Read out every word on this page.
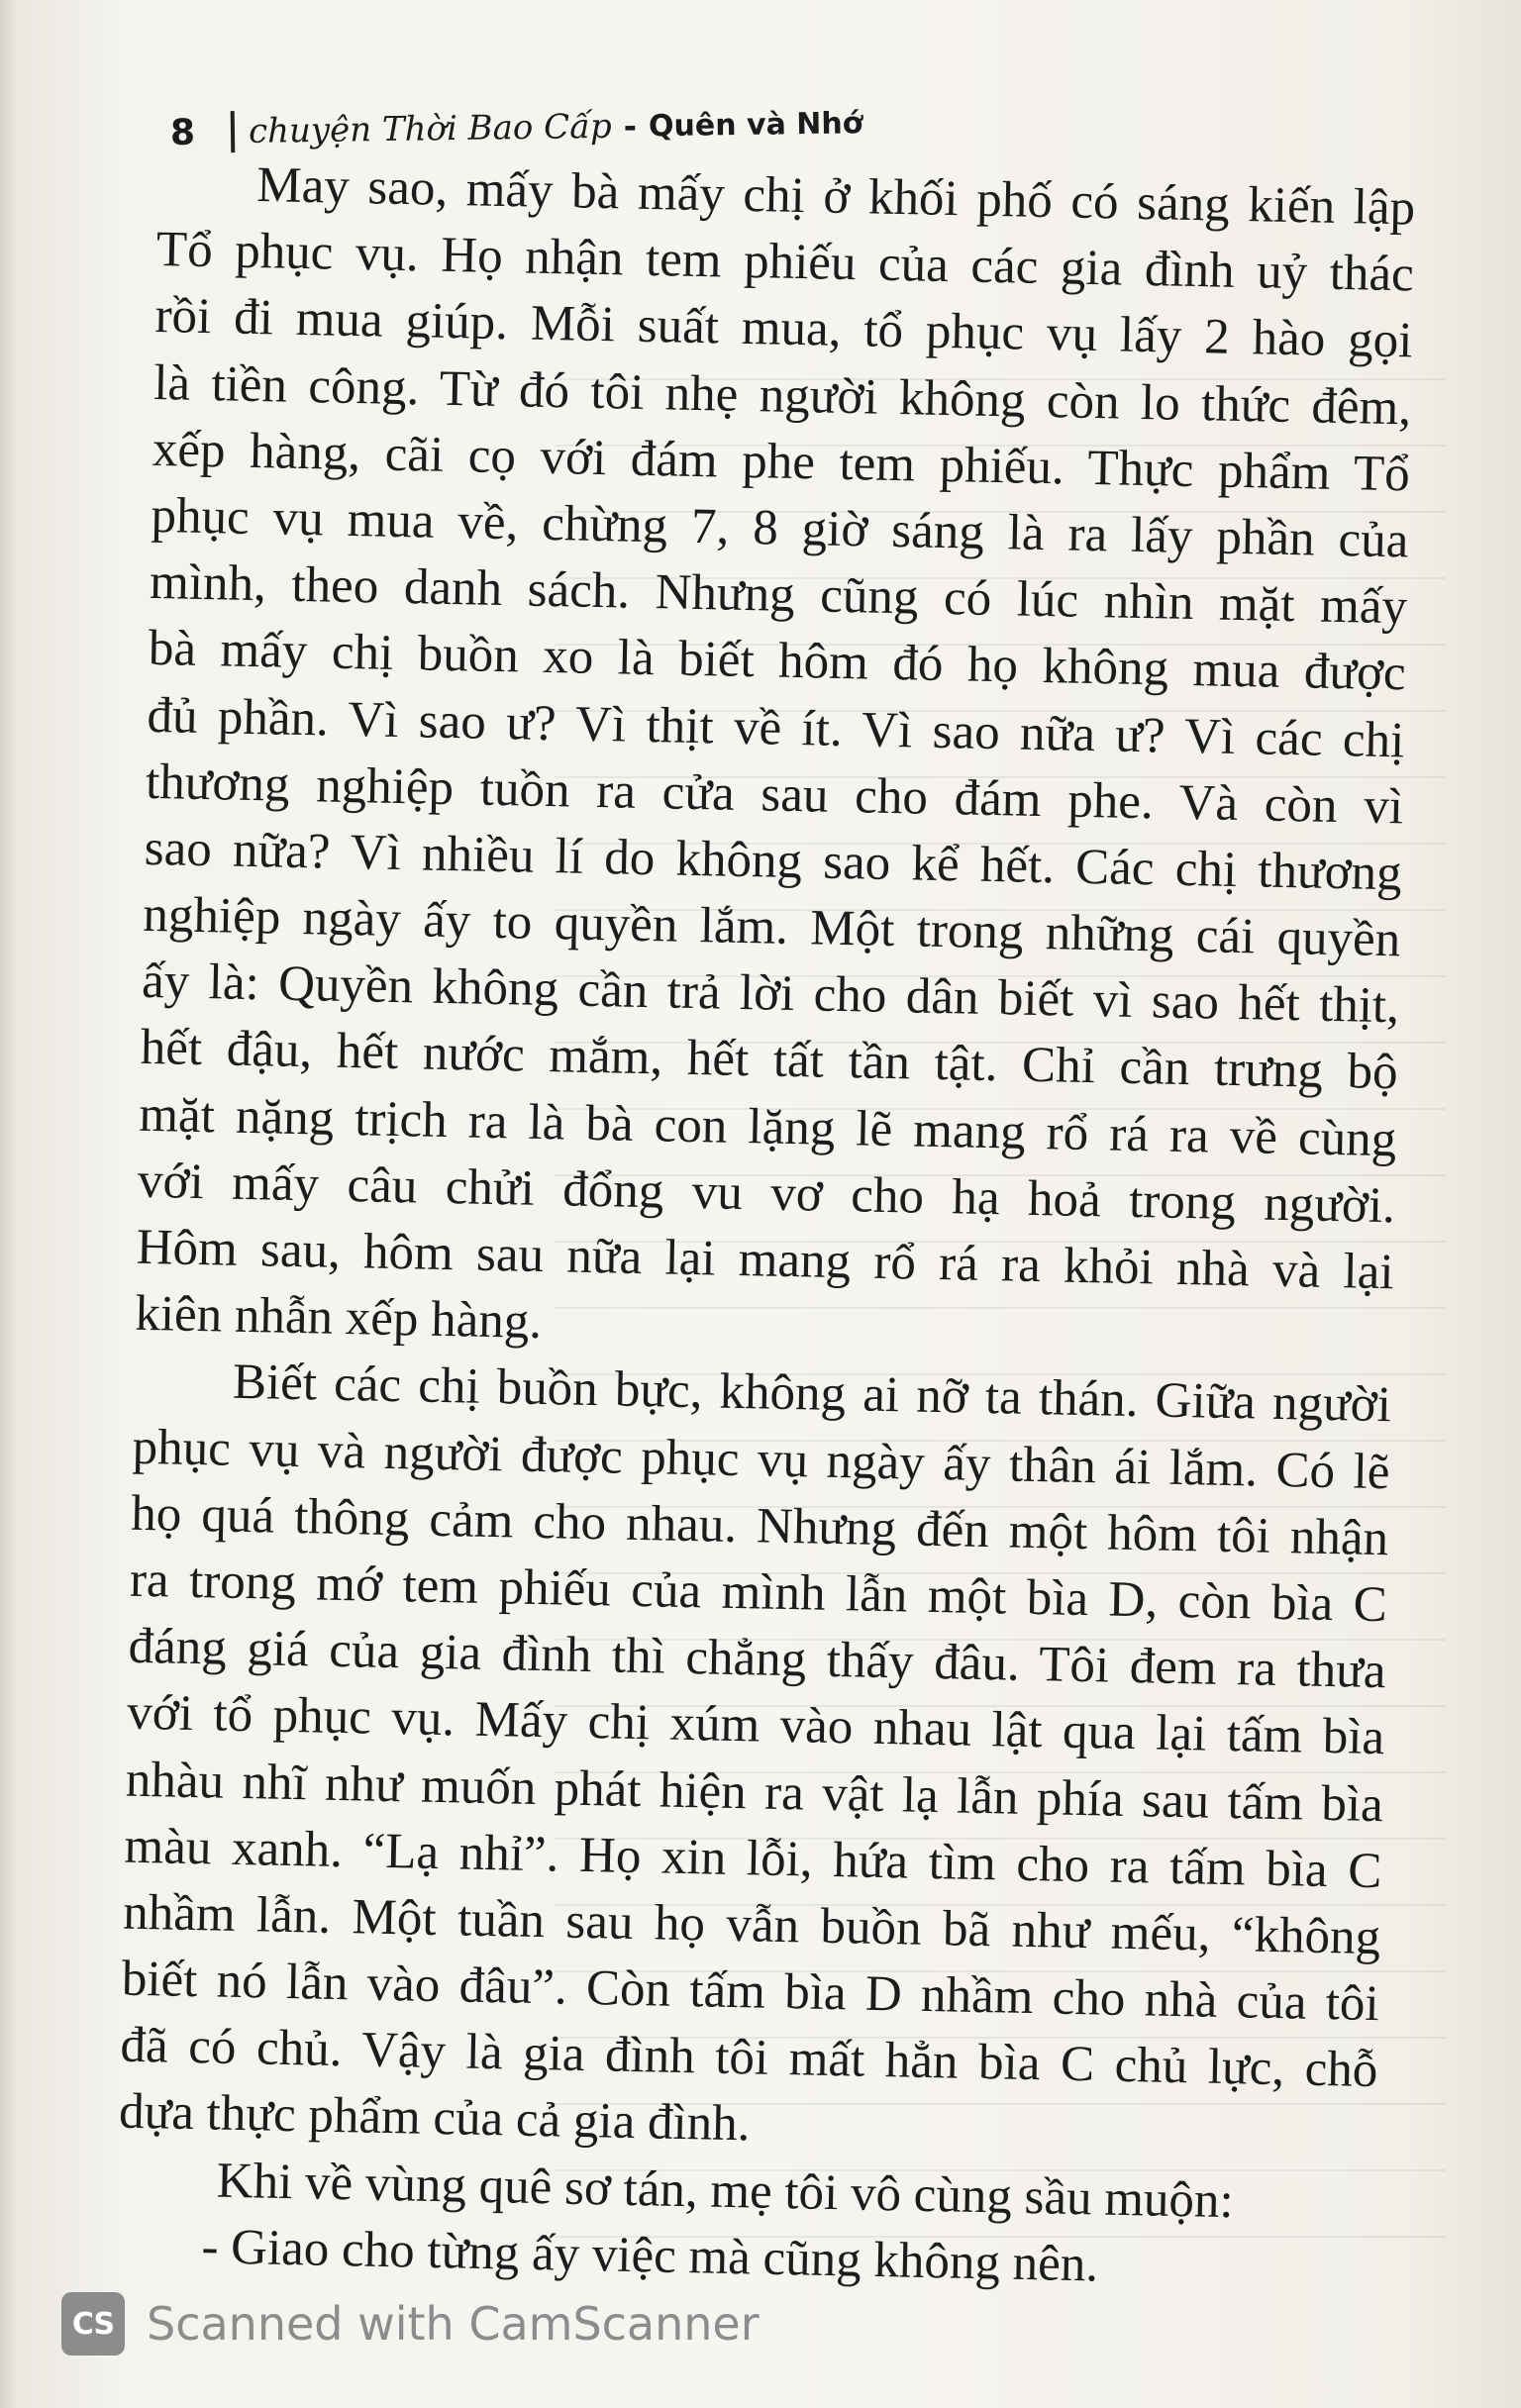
8 chuyện Thời Bao Cấp - Quên và Nhớ
May sao, mấy bà mấy chị ở khối phố có sáng kiến lập
Tổ phục vụ. Họ nhận tem phiếu của các gia đình uỷ thác
rồi đi mua giúp. Mỗi suất mua, tổ phục vụ lấy 2 hào gọi
là tiền công. Từ đó tôi nhẹ người không còn lo thức đêm,
xếp hàng, cãi cọ với đám phe tem phiếu. Thực phẩm Tổ
phục vụ mua về, chừng 7, 8 giờ sáng là ra lấy phần của
mình, theo danh sách. Nhưng cũng có lúc nhìn mặt mấy
bà mấy chị buồn xo là biết hôm đó họ không mua được
đủ phần. Vì sao ư? Vì thịt về ít. Vì sao nữa ư? Vì các chị
thương nghiệp tuồn ra cửa sau cho đám phe. Và còn vì
sao nữa? Vì nhiều lí do không sao kể hết. Các chị thương
nghiệp ngày ấy to quyền lắm. Một trong những cái quyền
ấy là: Quyền không cần trả lời cho dân biết vì sao hết thịt,
hết đậu, hết nước mắm, hết tất tần tật. Chỉ cần trưng bộ
mặt nặng trịch ra là bà con lặng lẽ mang rổ rá ra về cùng
với mấy câu chửi đổng vu vơ cho hạ hoả trong người.
Hôm sau, hôm sau nữa lại mang rổ rá ra khỏi nhà và lại
kiên nhẫn xếp hàng.
Biết các chị buồn bực, không ai nỡ ta thán. Giữa người
phục vụ và người được phục vụ ngày ấy thân ái lắm. Có lẽ
họ quá thông cảm cho nhau. Nhưng đến một hôm tôi nhận
ra trong mớ tem phiếu của mình lẫn một bìa D, còn bìa C
đáng giá của gia đình thì chẳng thấy đâu. Tôi đem ra thưa
với tổ phục vụ. Mấy chị xúm vào nhau lật qua lại tấm bìa
nhàu nhĩ như muốn phát hiện ra vật lạ lẫn phía sau tấm bìa
màu xanh. “Lạ nhỉ”. Họ xin lỗi, hứa tìm cho ra tấm bìa C
nhầm lẫn. Một tuần sau họ vẫn buồn bã như mếu, “không
biết nó lẫn vào đâu”. Còn tấm bìa D nhầm cho nhà của tôi
đã có chủ. Vậy là gia đình tôi mất hẳn bìa C chủ lực, chỗ
dựa thực phẩm của cả gia đình.
Khi về vùng quê sơ tán, mẹ tôi vô cùng sầu muộn:
- Giao cho từng ấy việc mà cũng không nên.
CS Scanned with CamScanner
